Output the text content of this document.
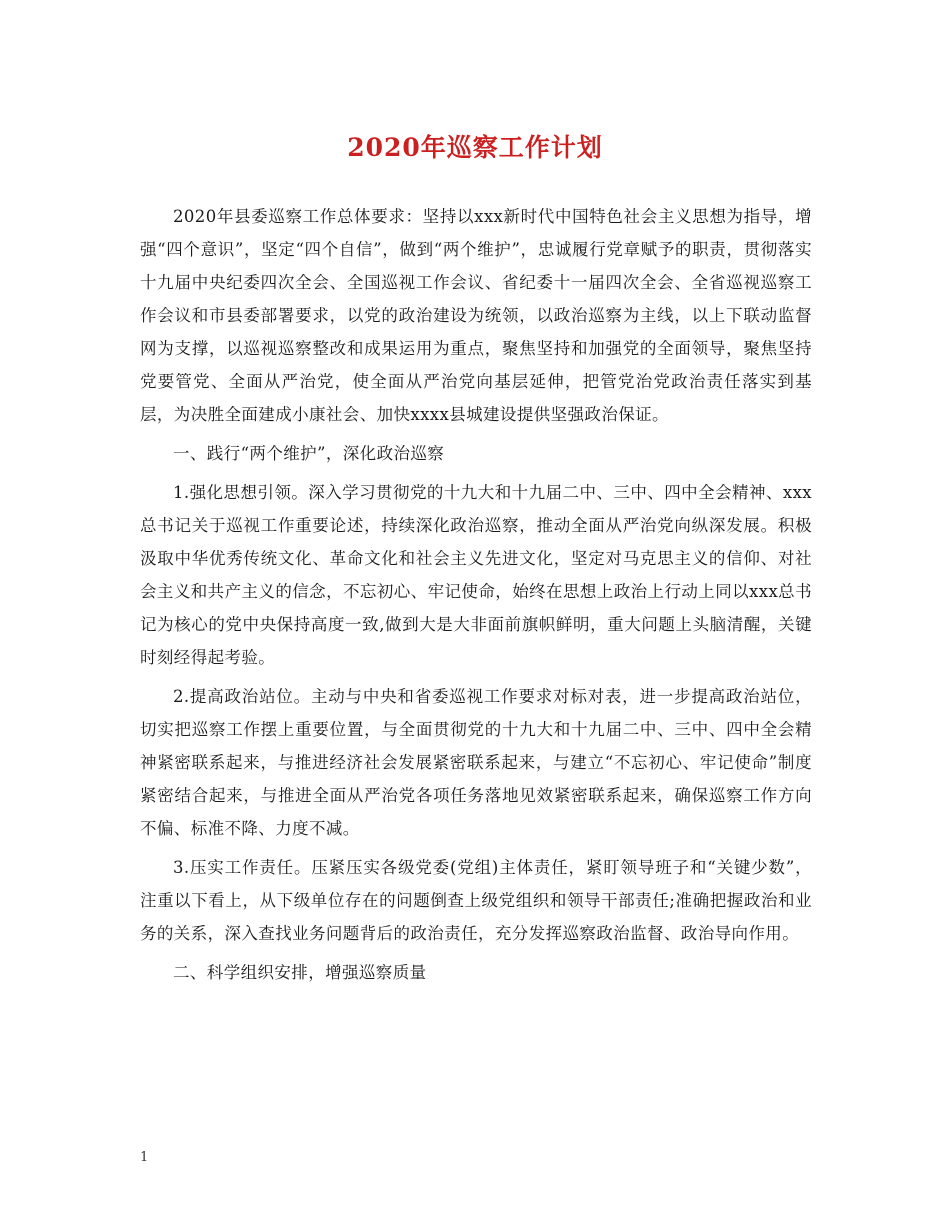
2020年巡察工作计划

2020年县委巡察工作总体要求：坚持以xxx新时代中国特色社会主义思想为指导，增强“四个意识”，坚定“四个自信”，做到“两个维护”，忠诚履行党章赋予的职责，贯彻落实十九届中央纪委四次全会、全国巡视工作会议、省纪委十一届四次全会、全省巡视巡察工作会议和市县委部署要求，以党的政治建设为统领，以政治巡察为主线，以上下联动监督网为支撑，以巡视巡察整改和成果运用为重点，聚焦坚持和加强党的全面领导，聚焦坚持党要管党、全面从严治党，使全面从严治党向基层延伸，把管党治党政治责任落实到基层，为决胜全面建成小康社会、加快xxxx县城建设提供坚强政治保证。

一、践行“两个维护”，深化政治巡察

1.强化思想引领。深入学习贯彻党的十九大和十九届二中、三中、四中全会精神、xxx总书记关于巡视工作重要论述，持续深化政治巡察，推动全面从严治党向纵深发展。积极汲取中华优秀传统文化、革命文化和社会主义先进文化，坚定对马克思主义的信仰、对社会主义和共产主义的信念，不忘初心、牢记使命，始终在思想上政治上行动上同以xxx总书记为核心的党中央保持高度一致,做到大是大非面前旗帜鲜明，重大问题上头脑清醒，关键时刻经得起考验。

2.提高政治站位。主动与中央和省委巡视工作要求对标对表，进一步提高政治站位，切实把巡察工作摆上重要位置，与全面贯彻党的十九大和十九届二中、三中、四中全会精神紧密联系起来，与推进经济社会发展紧密联系起来，与建立“不忘初心、牢记使命”制度紧密结合起来，与推进全面从严治党各项任务落地见效紧密联系起来，确保巡察工作方向不偏、标准不降、力度不减。

3.压实工作责任。压紧压实各级党委(党组)主体责任，紧盯领导班子和“关键少数”，注重以下看上，从下级单位存在的问题倒查上级党组织和领导干部责任;准确把握政治和业务的关系，深入查找业务问题背后的政治责任，充分发挥巡察政治监督、政治导向作用。

二、科学组织安排，增强巡察质量

1
